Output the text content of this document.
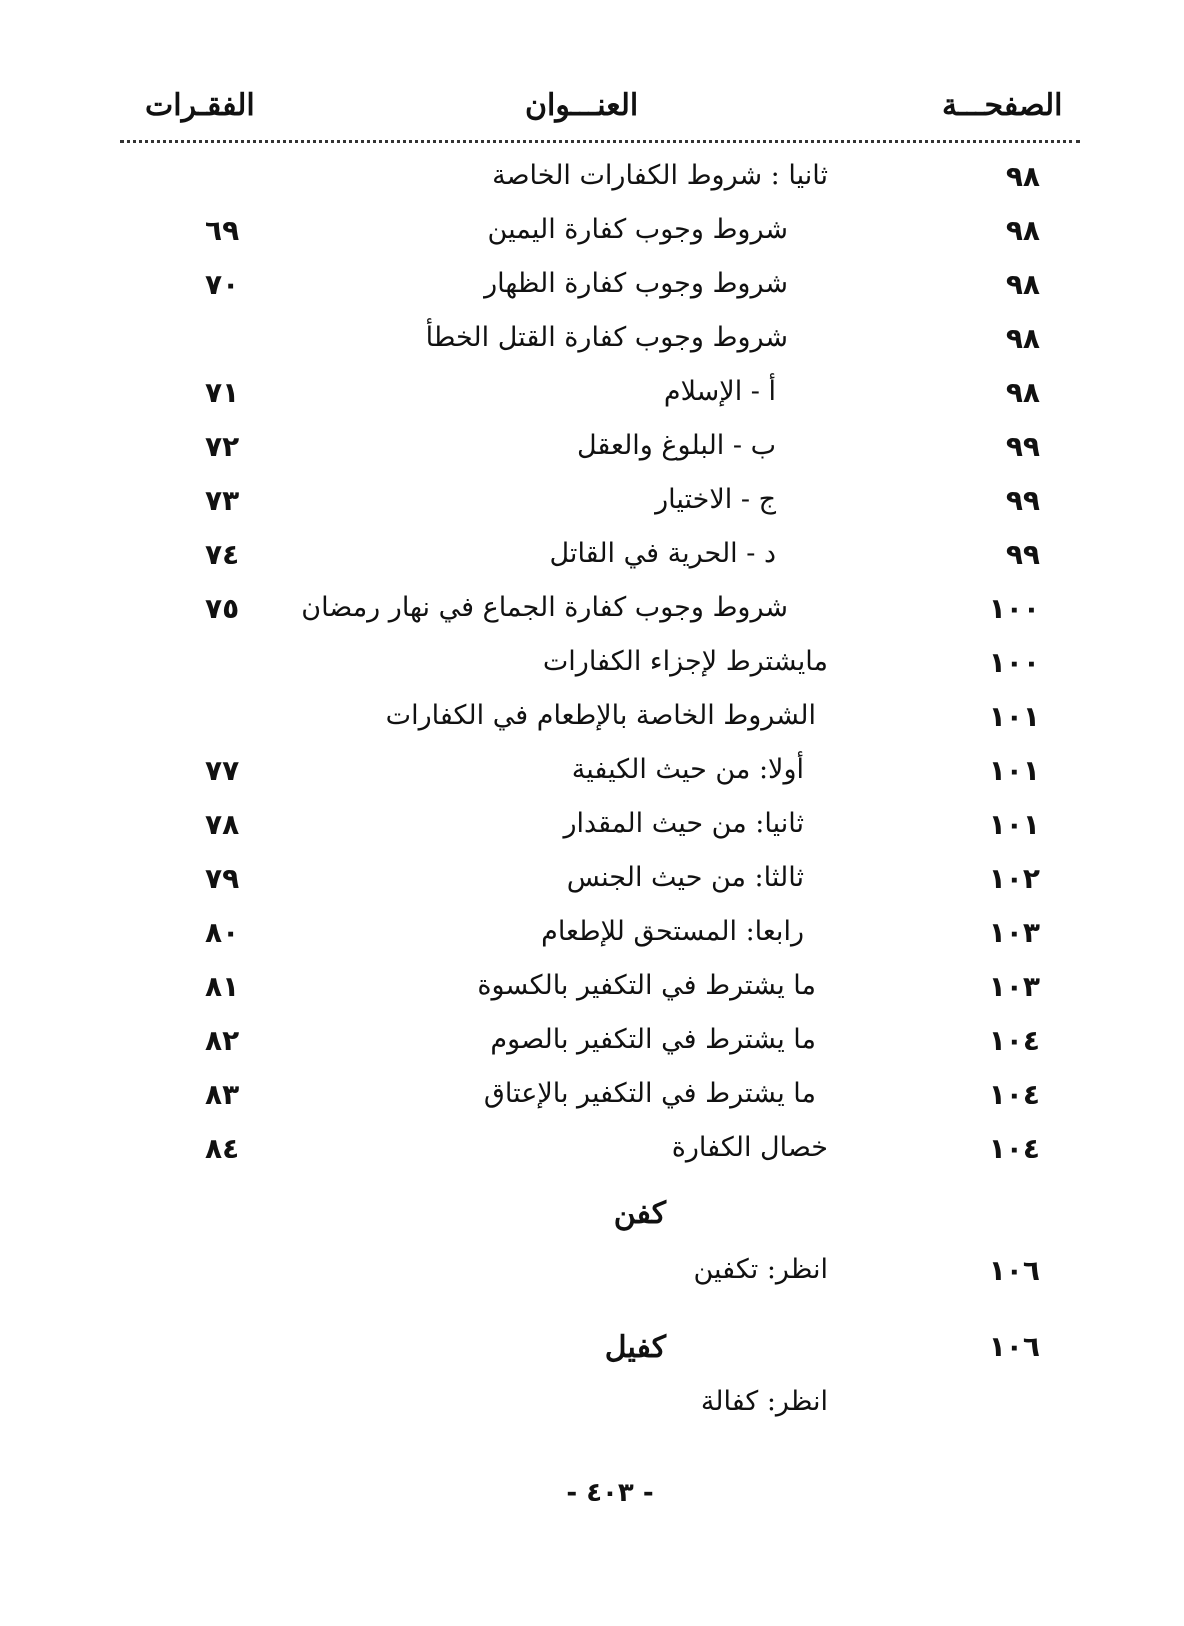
الصفحـــة
العنـــوان
الفقـرات
٩٨
ثانيا : شروط الكفارات الخاصة
٩٨
شروط وجوب كفارة اليمين
٦٩
٩٨
شروط وجوب كفارة الظهار
٧٠
٩٨
شروط وجوب كفارة القتل الخطأ
٩٨
أ - الإسلام
٧١
٩٩
ب - البلوغ والعقل
٧٢
٩٩
ج - الاختيار
٧٣
٩٩
د - الحرية في القاتل
٧٤
١٠٠
شروط وجوب كفارة الجماع في نهار رمضان
٧٥
١٠٠
مايشترط لإجزاء الكفارات
١٠١
الشروط الخاصة بالإطعام في الكفارات
١٠١
أولا: من حيث الكيفية
٧٧
١٠١
ثانيا: من حيث المقدار
٧٨
١٠٢
ثالثا: من حيث الجنس
٧٩
١٠٣
رابعا: المستحق للإطعام
٨٠
١٠٣
ما يشترط في التكفير بالكسوة
٨١
١٠٤
ما يشترط في التكفير بالصوم
٨٢
١٠٤
ما يشترط في التكفير بالإعتاق
٨٣
١٠٤
خصال الكفارة
٨٤
كفن
١٠٦
انظر: تكفين
١٠٦
كفيل
انظر: كفالة
- ٤٠٣ -
